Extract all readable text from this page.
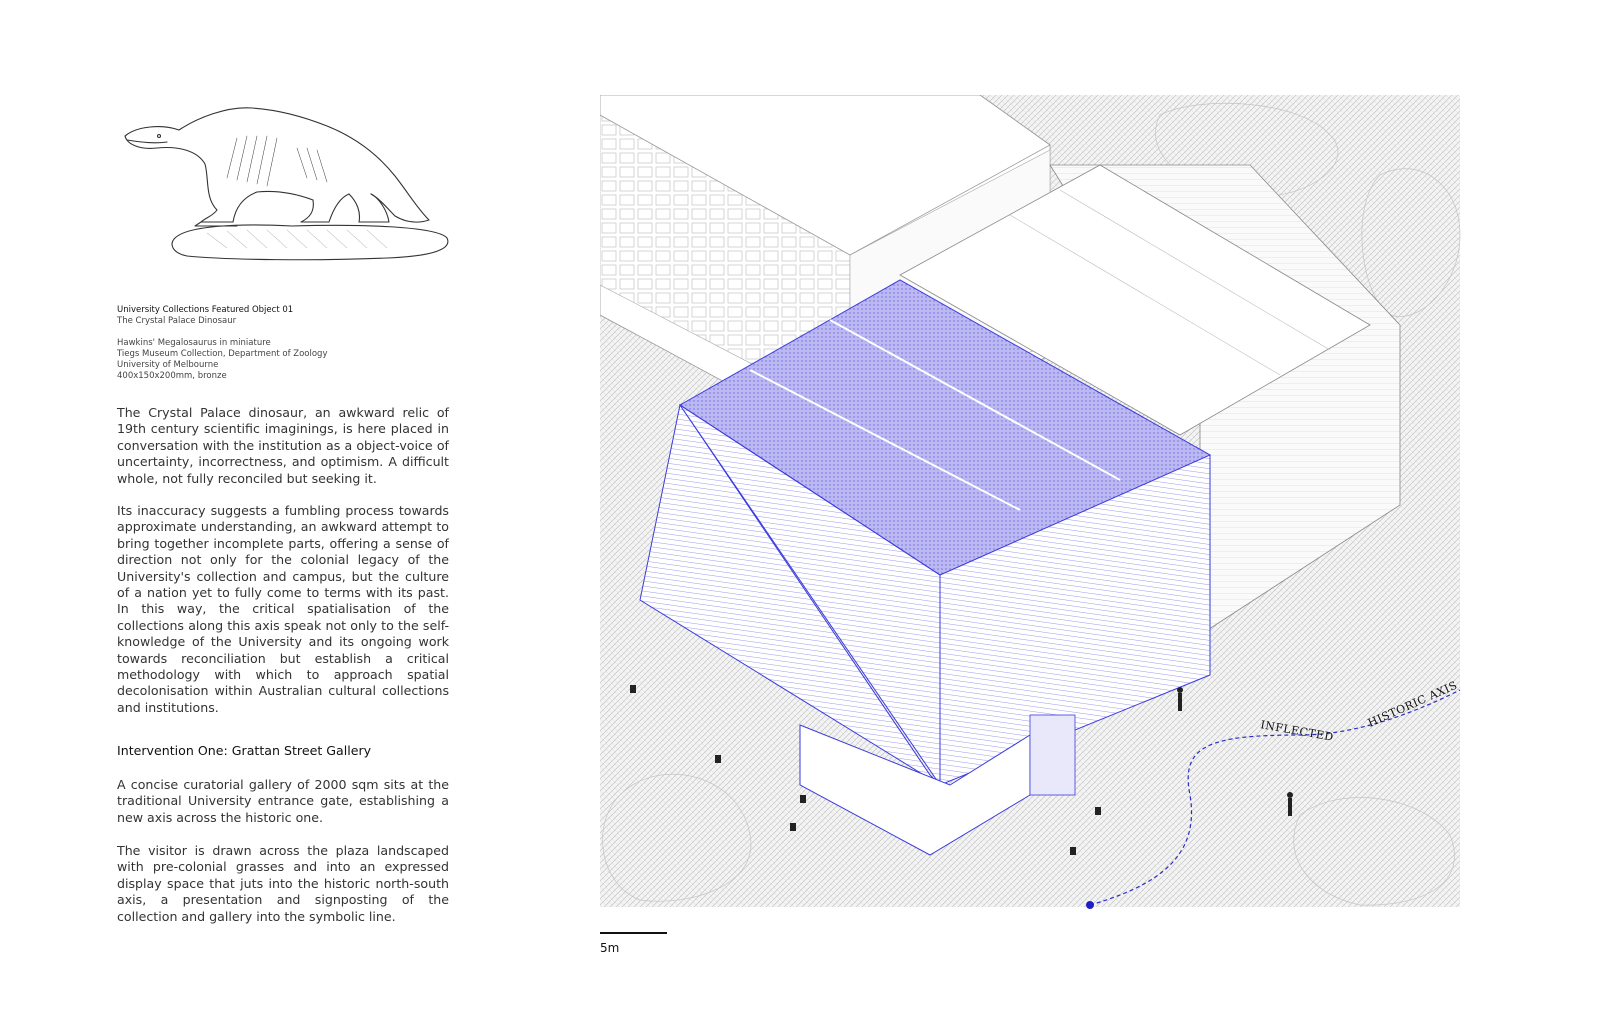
University Collections Featured Object 01

The Crystal Palace Dinosaur

Hawkins' Megalosaurus in miniature

Tiegs Museum Collection, Department of Zoology

University of Melbourne

400x150x200mm, bronze

The Crystal Palace dinosaur, an awkward relic of 19th century scientific imaginings, is here placed in conversation with the institution as a object-voice of uncertainty, incorrectness, and optimism. A difficult whole, not fully reconciled but seeking it.

Its inaccuracy suggests a fumbling process towards approximate understanding, an awkward attempt to bring together incomplete parts, offering a sense of direction not only for the colonial legacy of the University's collection and campus, but the culture of a nation yet to fully come to terms with its past. In this way, the critical spatialisation of the collections along this axis speak not only to the self-knowledge of the University and its ongoing work towards reconciliation but establish a critical methodology with which to approach spatial decolonisation within Australian cultural collections and institutions.

Intervention One: Grattan Street Gallery

A concise curatorial gallery of 2000 sqm sits at the traditional University entrance gate, establishing a new axis across the historic one.

The visitor is drawn across the plaza landscaped with pre-colonial grasses and into an expressed display space that juts into the historic north-south axis, a presentation and signposting of the collection and gallery into the symbolic line.

INFLECTED
HISTORIC AXIS
5m
